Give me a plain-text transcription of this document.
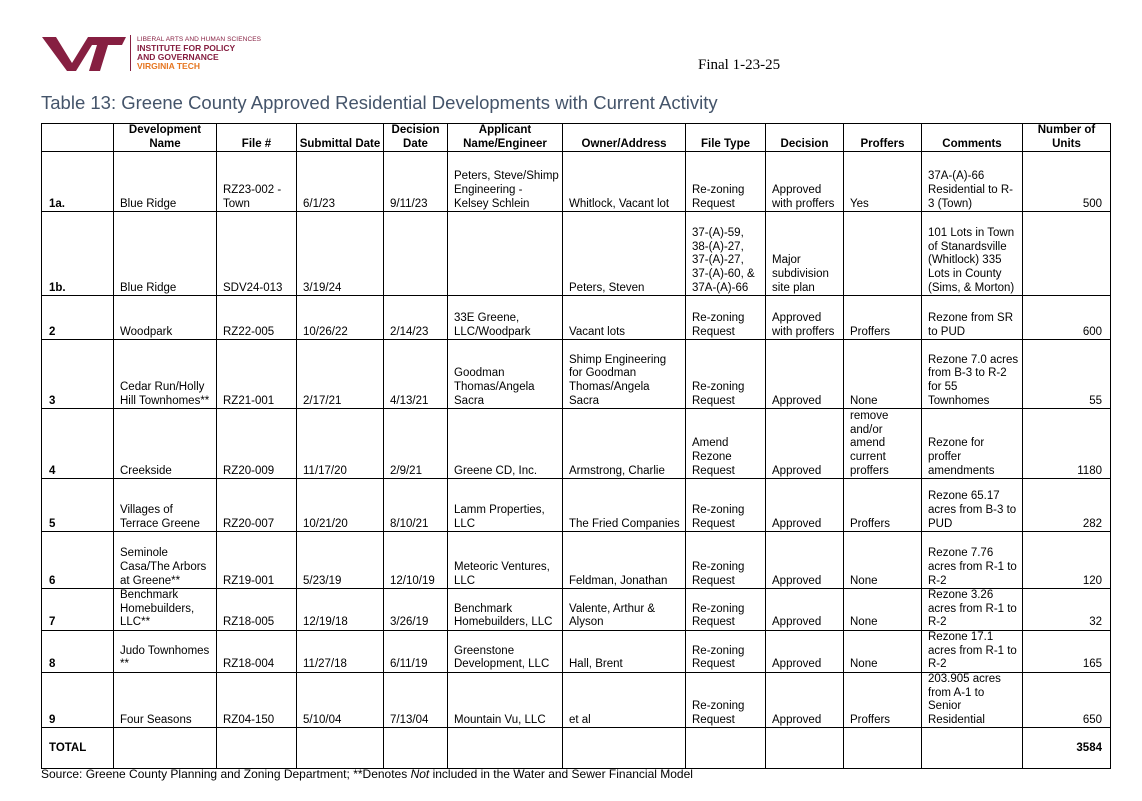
LIBERAL ARTS AND HUMAN SCIENCES
INSTITUTE FOR POLICY
AND GOVERNANCE
VIRGINIA TECH	Final 1-23-25
Table 13: Greene County Approved Residential Developments with Current Activity
	Development Name	File #	Submittal Date	Decision Date	Applicant Name/Engineer	Owner/Address	File Type	Decision	Proffers	Comments	Number of Units
1a.	Blue Ridge	RZ23-002 - Town	6/1/23	9/11/23	Peters, Steve/Shimp Engineering - Kelsey Schlein	Whitlock, Vacant lot	Re-zoning Request	Approved with proffers	Yes	37A-(A)-66 Residential to R-3 (Town)	500
1b.	Blue Ridge	SDV24-013	3/19/24			Peters, Steven	37-(A)-59, 38-(A)-27, 37-(A)-27, 37-(A)-60, & 37A-(A)-66	Major subdivision site plan		101 Lots in Town of Stanardsville (Whitlock) 335 Lots in County (Sims, & Morton)	
2	Woodpark	RZ22-005	10/26/22	2/14/23	33E Greene, LLC/Woodpark	Vacant lots	Re-zoning Request	Approved with proffers	Proffers	Rezone from SR to PUD	600
3	Cedar Run/Holly Hill Townhomes**	RZ21-001	2/17/21	4/13/21	Goodman Thomas/Angela Sacra	Shimp Engineering for Goodman Thomas/Angela Sacra	Re-zoning Request	Approved	None	Rezone 7.0 acres from B-3 to R-2 for 55 Townhomes	55
4	Creekside	RZ20-009	11/17/20	2/9/21	Greene CD, Inc.	Armstrong, Charlie	Amend Rezone Request	Approved	remove and/or amend current proffers	Rezone for proffer amendments	1180
5	Villages of Terrace Greene	RZ20-007	10/21/20	8/10/21	Lamm Properties, LLC	The Fried Companies	Re-zoning Request	Approved	Proffers	Rezone 65.17 acres from B-3 to PUD	282
6	Seminole Casa/The Arbors at Greene**	RZ19-001	5/23/19	12/10/19	Meteoric Ventures, LLC	Feldman, Jonathan	Re-zoning Request	Approved	None	Rezone 7.76 acres from R-1 to R-2	120
7	Benchmark Homebuilders, LLC**	RZ18-005	12/19/18	3/26/19	Benchmark Homebuilders, LLC	Valente, Arthur & Alyson	Re-zoning Request	Approved	None	Rezone 3.26 acres from R-1 to R-2	32
8	Judo Townhomes **	RZ18-004	11/27/18	6/11/19	Greenstone Development, LLC	Hall, Brent	Re-zoning Request	Approved	None	Rezone 17.1 acres from R-1 to R-2	165
9	Four Seasons	RZ04-150	5/10/04	7/13/04	Mountain Vu, LLC	et al	Re-zoning Request	Approved	Proffers	203.905 acres from A-1 to Senior Residential	650
TOTAL											3584
Source: Greene County Planning and Zoning Department; **Denotes Not included in the Water and Sewer Financial Model
